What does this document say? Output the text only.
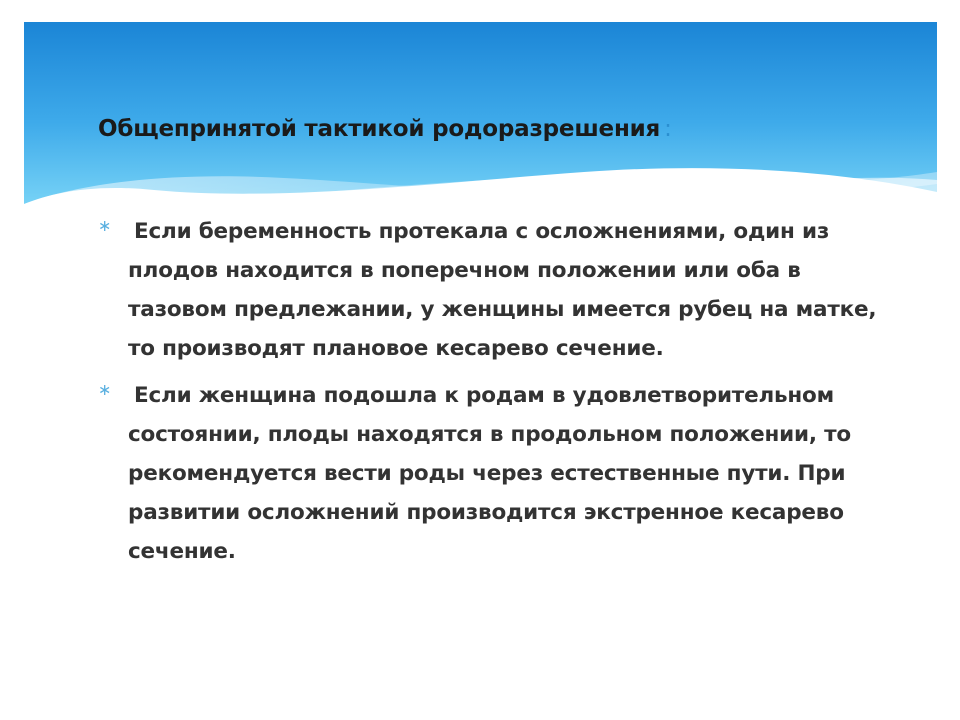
Общепринятой тактикой родоразрешения :
∗ Если беременность протекала с осложнениями, один из плодов находится в поперечном положении или оба в тазовом предлежании, у женщины имеется рубец на матке, то производят плановое кесарево сечение.
∗ Если женщина подошла к родам в удовлетворительном состоянии, плоды находятся в продольном положении, то рекомендуется вести роды через естественные пути. При развитии осложнений производится экстренное кесарево сечение.
